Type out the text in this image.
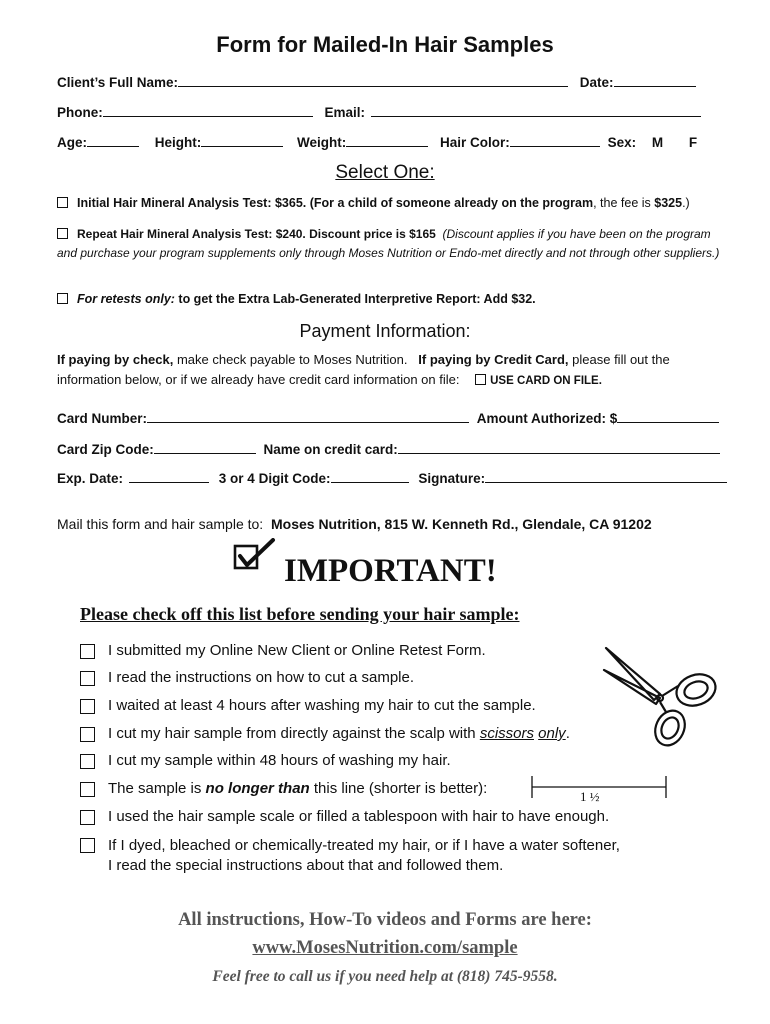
Form for Mailed-In Hair Samples
Client’s Full Name:	Date:
Phone:	Email:
Age:	Height:	Weight:	Hair Color:	Sex: M F
Select One:
Initial Hair Mineral Analysis Test: $365. (For a child of someone already on the program, the fee is $325.)
Repeat Hair Mineral Analysis Test: $240. Discount price is $165 (Discount applies if you have been on the program and purchase your program supplements only through Moses Nutrition or Endo-met directly and not through other suppliers.)
For retests only: to get the Extra Lab-Generated Interpretive Report: Add $32.
Payment Information:
If paying by check, make check payable to Moses Nutrition. If paying by Credit Card, please fill out the
information below, or if we already have credit card information on file:	USE CARD ON FILE.
Card Number:	Amount Authorized: $
Card Zip Code:	Name on credit card:
Exp. Date:	3 or 4 Digit Code:	Signature:
Mail this form and hair sample to: Moses Nutrition, 815 W. Kenneth Rd., Glendale, CA 91202
IMPORTANT!
Please check off this list before sending your hair sample:
I submitted my Online New Client or Online Retest Form.
I read the instructions on how to cut a sample.
I waited at least 4 hours after washing my hair to cut the sample.
I cut my hair sample from directly against the scalp with scissors only.
I cut my sample within 48 hours of washing my hair.
The sample is no longer than this line (shorter is better):	1 ½
I used the hair sample scale or filled a tablespoon with hair to have enough.
If I dyed, bleached or chemically-treated my hair, or if I have a water softener, I read the special instructions about that and followed them.
All instructions, How-To videos and Forms are here:
www.MosesNutrition.com/sample
Feel free to call us if you need help at (818) 745-9558.
